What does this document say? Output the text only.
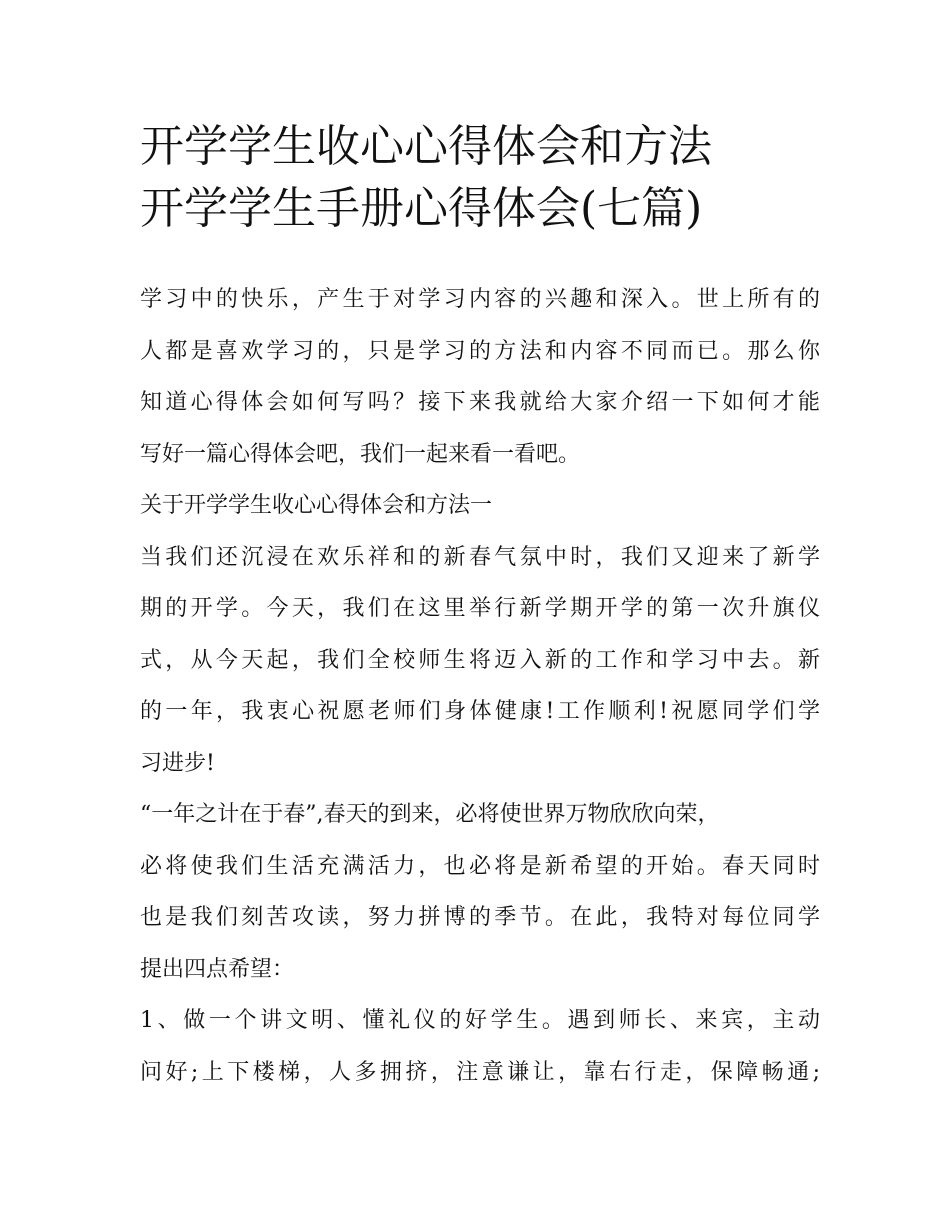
开学学生收心心得体会和方法
开学学生手册心得体会(七篇)
学习中的快乐，产生于对学习内容的兴趣和深入。世上所有的
人都是喜欢学习的，只是学习的方法和内容不同而已。那么你
知道心得体会如何写吗？接下来我就给大家介绍一下如何才能
写好一篇心得体会吧，我们一起来看一看吧。
关于开学学生收心心得体会和方法一
当我们还沉浸在欢乐祥和的新春气氛中时，我们又迎来了新学
期的开学。今天，我们在这里举行新学期开学的第一次升旗仪
式，从今天起，我们全校师生将迈入新的工作和学习中去。新
的一年，我衷心祝愿老师们身体健康!工作顺利!祝愿同学们学
习进步!
“一年之计在于春”,春天的到来，必将使世界万物欣欣向荣，
必将使我们生活充满活力，也必将是新希望的开始。春天同时
也是我们刻苦攻读，努力拼博的季节。在此，我特对每位同学
提出四点希望：
1、做一个讲文明、懂礼仪的好学生。遇到师长、来宾，主动
问好;上下楼梯，人多拥挤，注意谦让，靠右行走，保障畅通;
